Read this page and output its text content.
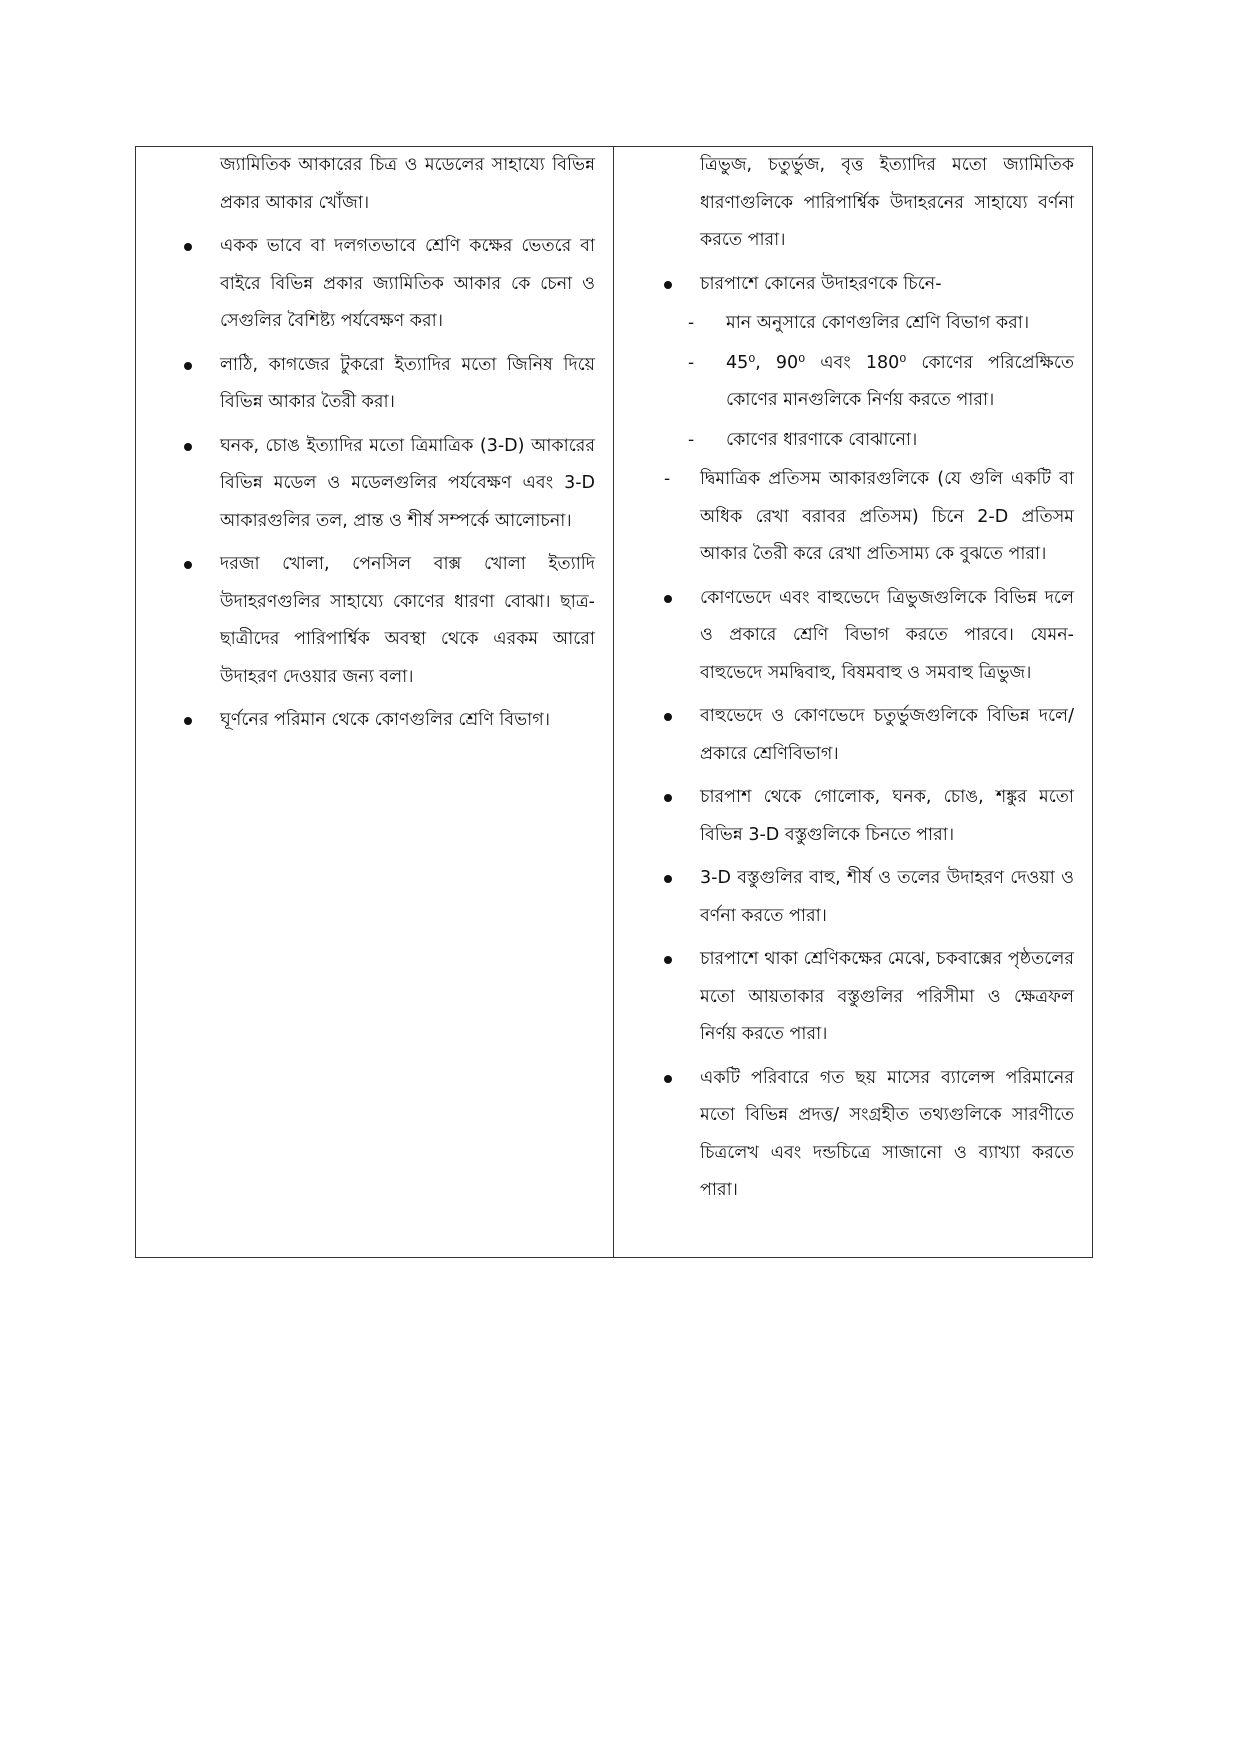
জ্যামিতিক আকারের চিত্র ও মডেলের সাহায্যে বিভিন্ন প্রকার আকার খোঁজা।

একক ভাবে বা দলগতভাবে শ্রেণি কক্ষের ভেতরে বা বাইরে বিভিন্ন প্রকার জ্যামিতিক আকার কে চেনা ও সেগুলির বৈশিষ্ট্য পর্যবেক্ষণ করা।

লাঠি, কাগজের টুকরো ইত্যাদির মতো জিনিষ দিয়ে বিভিন্ন আকার তৈরী করা।

ঘনক, চোঙ ইত্যাদির মতো ত্রিমাত্রিক (3-D) আকারের বিভিন্ন মডেল ও মডেলগুলির পর্যবেক্ষণ এবং 3-D আকারগুলির তল, প্রান্ত ও শীর্ষ সম্পর্কে আলোচনা।

দরজা খোলা, পেনসিল বাক্স খোলা ইত্যাদি উদাহরণগুলির সাহায্যে কোণের ধারণা বোঝা। ছাত্র-ছাত্রীদের পারিপার্শ্বিক অবস্থা থেকে এরকম আরো উদাহরণ দেওয়ার জন্য বলা।

ঘূর্ণনের পরিমান থেকে কোণগুলির শ্রেণি বিভাগ।

ত্রিভুজ, চতুর্ভুজ, বৃত্ত ইত্যাদির মতো জ্যামিতিক ধারণাগুলিকে পারিপার্শ্বিক উদাহরনের সাহায্যে বর্ণনা করতে পারা।

চারপাশে কোনের উদাহরণকে চিনে-

- মান অনুসারে কোণগুলির শ্রেণি বিভাগ করা।

- 45⁰, 90⁰ এবং 180⁰ কোণের পরিপ্রেক্ষিতে কোণের মানগুলিকে নির্ণয় করতে পারা।

- কোণের ধারণাকে বোঝানো।

- দ্বিমাত্রিক প্রতিসম আকারগুলিকে (যে গুলি একটি বা অধিক রেখা বরাবর প্রতিসম) চিনে 2-D প্রতিসম আকার তৈরী করে রেখা প্রতিসাম্য কে বুঝতে পারা।

কোণভেদে এবং বাহুভেদে ত্রিভুজগুলিকে বিভিন্ন দলে ও প্রকারে শ্রেণি বিভাগ করতে পারবে। যেমন- বাহুভেদে সমদ্বিবাহু, বিষমবাহু ও সমবাহু ত্রিভুজ।

বাহুভেদে ও কোণভেদে চতুর্ভুজগুলিকে বিভিন্ন দলে/ প্রকারে শ্রেণিবিভাগ।

চারপাশ থেকে গোলোক, ঘনক, চোঙ, শঙ্কুর মতো বিভিন্ন 3-D বস্তুগুলিকে চিনতে পারা।

3-D বস্তুগুলির বাহু, শীর্ষ ও তলের উদাহরণ দেওয়া ও বর্ণনা করতে পারা।

চারপাশে থাকা শ্রেণিকক্ষের মেঝে, চকবাক্সের পৃষ্ঠতলের মতো আয়তাকার বস্তুগুলির পরিসীমা ও ক্ষেত্রফল নির্ণয় করতে পারা।

একটি পরিবারে গত ছয় মাসের ব্যালেন্স পরিমানের মতো বিভিন্ন প্রদত্ত/ সংগ্রহীত তথ্যগুলিকে সারণীতে চিত্রলেখ এবং দন্ডচিত্রে সাজানো ও ব্যাখ্যা করতে পারা।
